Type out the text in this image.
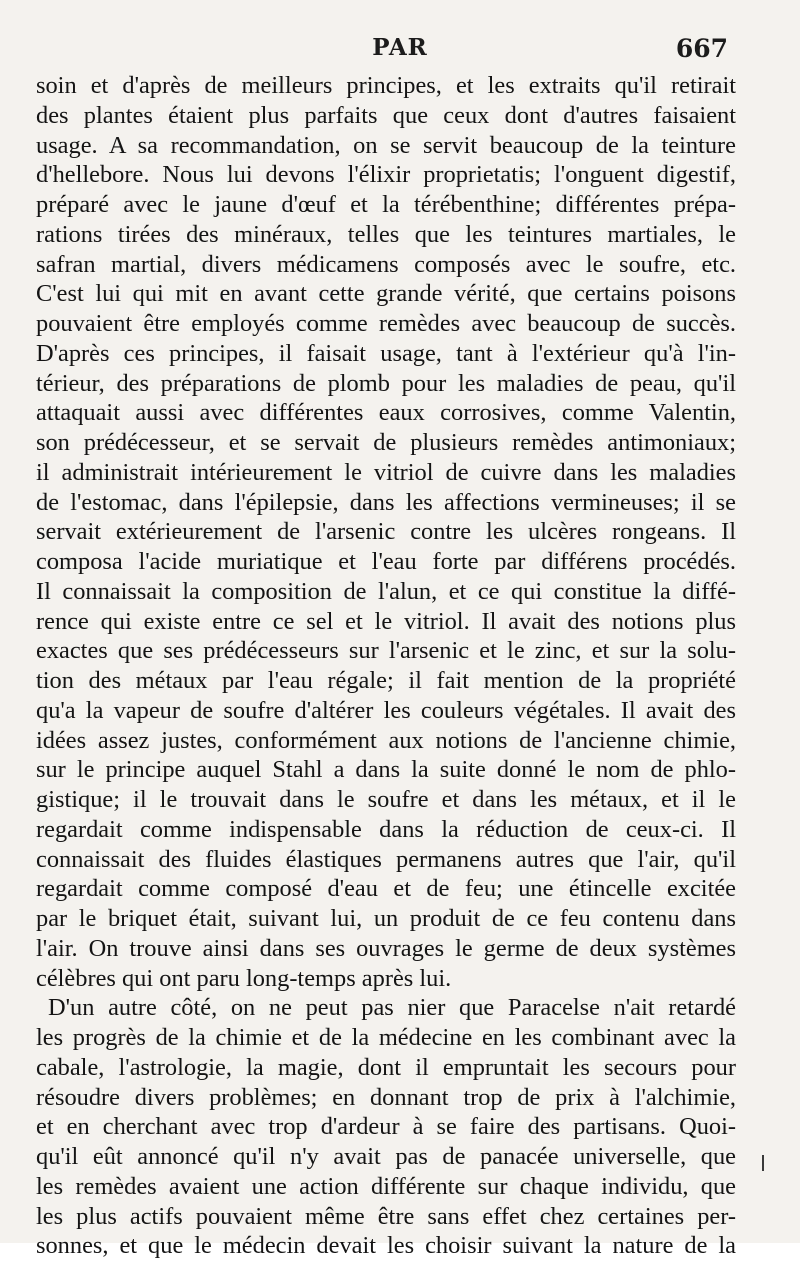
PAR	667
soin et d'après de meilleurs principes, et les extraits qu'il retirait
des plantes étaient plus parfaits que ceux dont d'autres faisaient
usage. A sa recommandation, on se servit beaucoup de la teinture
d'hellebore. Nous lui devons l'élixir proprietatis; l'onguent digestif,
préparé avec le jaune d'œuf et la térébenthine; différentes prépa-
rations tirées des minéraux, telles que les teintures martiales, le
safran martial, divers médicamens composés avec le soufre, etc.
C'est lui qui mit en avant cette grande vérité, que certains poisons
pouvaient être employés comme remèdes avec beaucoup de succès.
D'après ces principes, il faisait usage, tant à l'extérieur qu'à l'in-
térieur, des préparations de plomb pour les maladies de peau, qu'il
attaquait aussi avec différentes eaux corrosives, comme Valentin,
son prédécesseur, et se servait de plusieurs remèdes antimoniaux;
il administrait intérieurement le vitriol de cuivre dans les maladies
de l'estomac, dans l'épilepsie, dans les affections vermineuses; il se
servait extérieurement de l'arsenic contre les ulcères rongeans. Il
composa l'acide muriatique et l'eau forte par différens procédés.
Il connaissait la composition de l'alun, et ce qui constitue la diffé-
rence qui existe entre ce sel et le vitriol. Il avait des notions plus
exactes que ses prédécesseurs sur l'arsenic et le zinc, et sur la solu-
tion des métaux par l'eau régale; il fait mention de la propriété
qu'a la vapeur de soufre d'altérer les couleurs végétales. Il avait des
idées assez justes, conformément aux notions de l'ancienne chimie,
sur le principe auquel Stahl a dans la suite donné le nom de phlo-
gistique; il le trouvait dans le soufre et dans les métaux, et il le
regardait comme indispensable dans la réduction de ceux-ci. Il
connaissait des fluides élastiques permanens autres que l'air, qu'il
regardait comme composé d'eau et de feu; une étincelle excitée
par le briquet était, suivant lui, un produit de ce feu contenu dans
l'air. On trouve ainsi dans ses ouvrages le germe de deux systèmes
célèbres qui ont paru long-temps après lui.
D'un autre côté, on ne peut pas nier que Paracelse n'ait retardé
les progrès de la chimie et de la médecine en les combinant avec la
cabale, l'astrologie, la magie, dont il empruntait les secours pour
résoudre divers problèmes; en donnant trop de prix à l'alchimie,
et en cherchant avec trop d'ardeur à se faire des partisans. Quoi-
qu'il eût annoncé qu'il n'y avait pas de panacée universelle, que
les remèdes avaient une action différente sur chaque individu, que
les plus actifs pouvaient même être sans effet chez certaines per-
sonnes, et que le médecin devait les choisir suivant la nature de la
